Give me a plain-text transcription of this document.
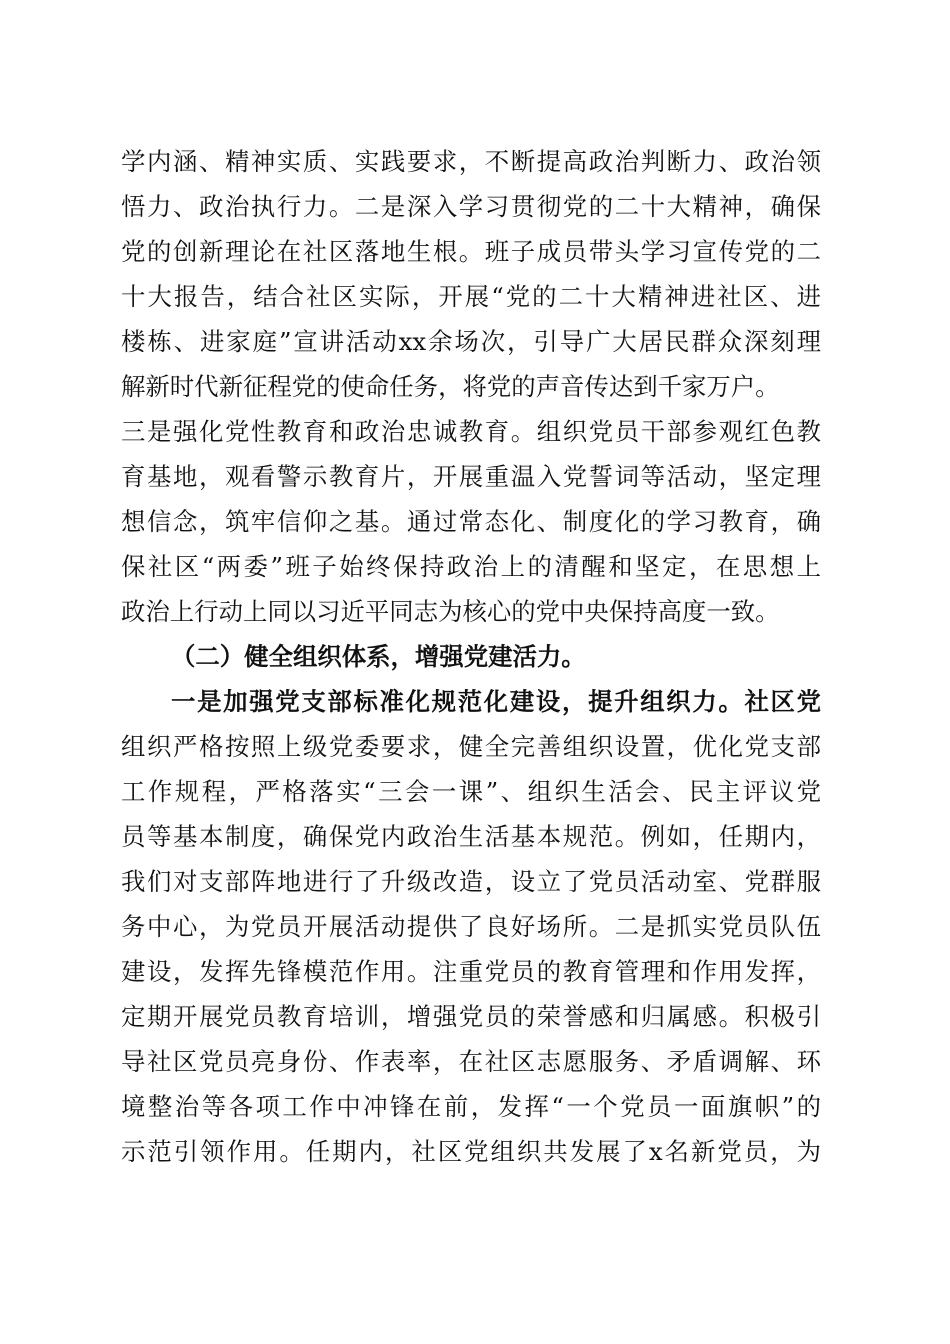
学内涵、精神实质、实践要求，不断提高政治判断力、政治领
悟力、政治执行力。二是深入学习贯彻党的二十大精神，确保
党的创新理论在社区落地生根。班子成员带头学习宣传党的二
十大报告，结合社区实际，开展“党的二十大精神进社区、进
楼栋、进家庭”宣讲活动xx余场次，引导广大居民群众深刻理
解新时代新征程党的使命任务，将党的声音传达到千家万户。
三是强化党性教育和政治忠诚教育。组织党员干部参观红色教
育基地，观看警示教育片，开展重温入党誓词等活动，坚定理
想信念，筑牢信仰之基。通过常态化、制度化的学习教育，确
保社区“两委”班子始终保持政治上的清醒和坚定，在思想上
政治上行动上同以习近平同志为核心的党中央保持高度一致。
（二）健全组织体系，增强党建活力。
一是加强党支部标准化规范化建设，提升组织力。社区党
组织严格按照上级党委要求，健全完善组织设置，优化党支部
工作规程，严格落实“三会一课”、组织生活会、民主评议党
员等基本制度，确保党内政治生活基本规范。例如，任期内，
我们对支部阵地进行了升级改造，设立了党员活动室、党群服
务中心，为党员开展活动提供了良好场所。二是抓实党员队伍
建设，发挥先锋模范作用。注重党员的教育管理和作用发挥，
定期开展党员教育培训，增强党员的荣誉感和归属感。积极引
导社区党员亮身份、作表率，在社区志愿服务、矛盾调解、环
境整治等各项工作中冲锋在前，发挥“一个党员一面旗帜”的
示范引领作用。任期内，社区党组织共发展了x名新党员，为
